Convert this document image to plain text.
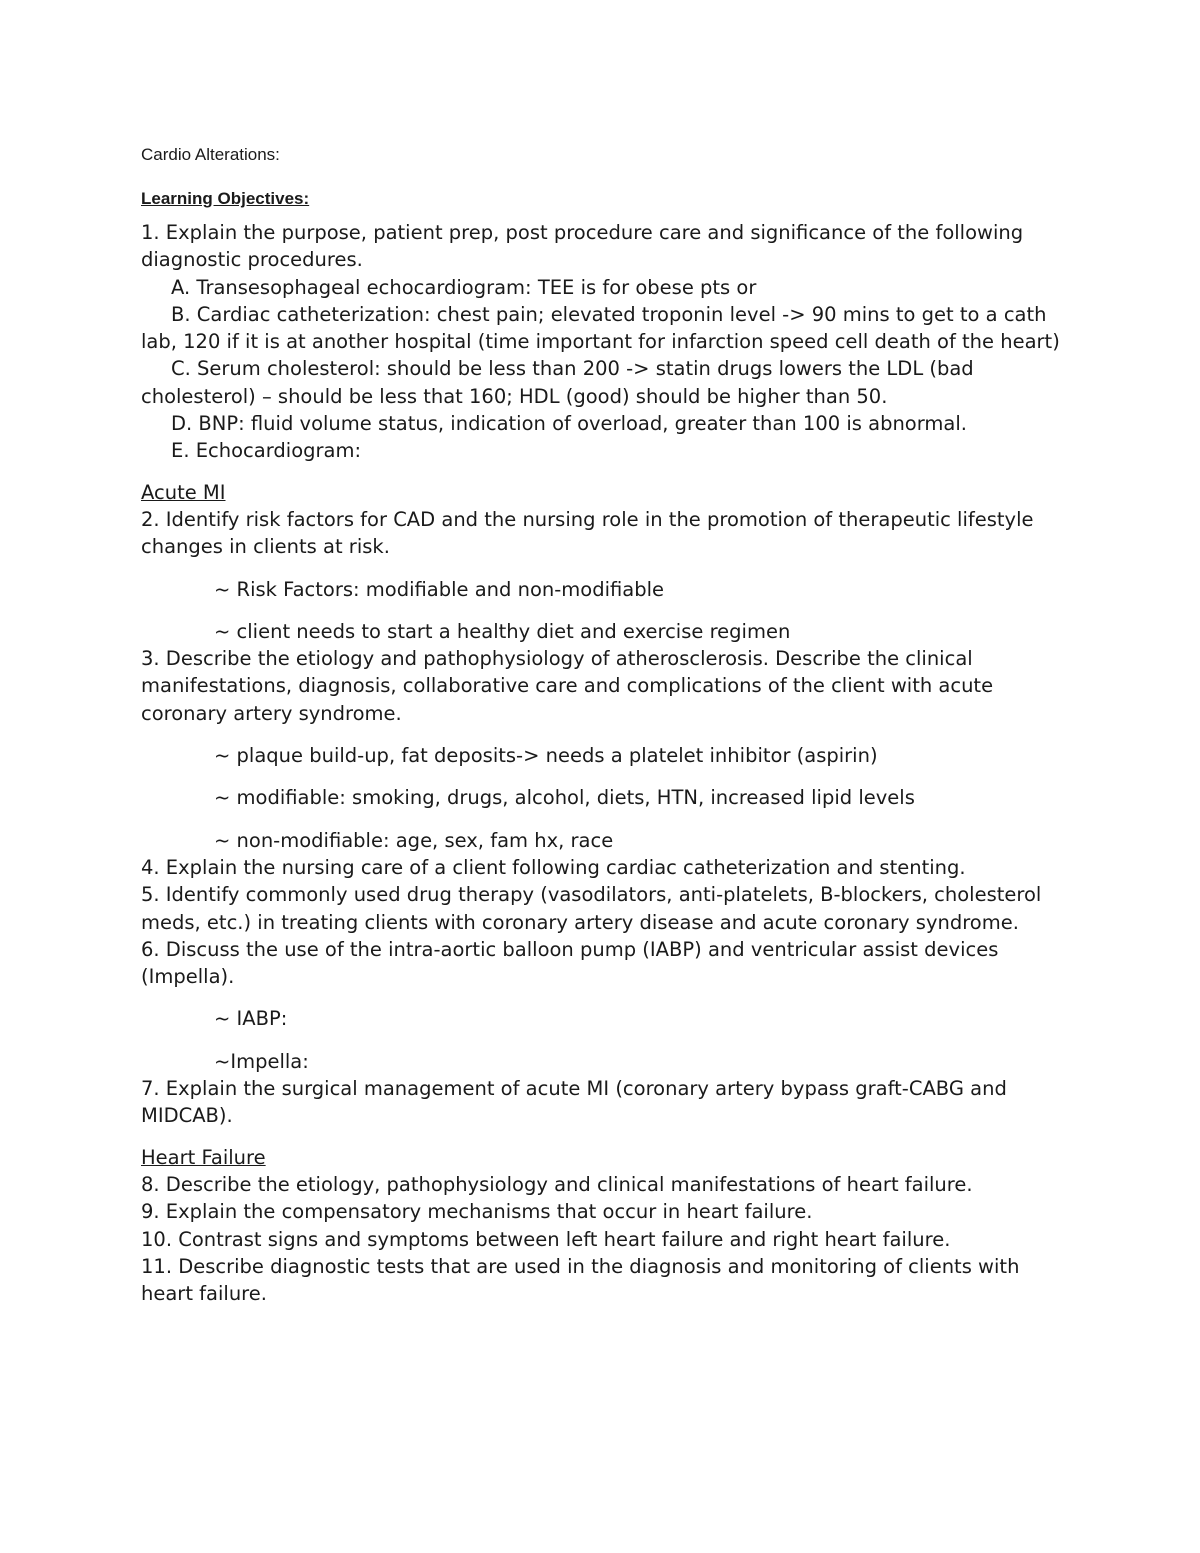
Cardio Alterations:

Learning Objectives:

1. Explain the purpose, patient prep, post procedure care and significance of the following diagnostic procedures.

A. Transesophageal echocardiogram: TEE is for obese pts or

B. Cardiac catheterization: chest pain; elevated troponin level -> 90 mins to get to a cath lab, 120 if it is at another hospital (time important for infarction speed cell death of the heart)

C. Serum cholesterol: should be less than 200 -> statin drugs lowers the LDL (bad cholesterol) – should be less that 160; HDL (good) should be higher than 50.

D. BNP: fluid volume status, indication of overload, greater than 100 is abnormal.

E. Echocardiogram:

Acute MI

2. Identify risk factors for CAD and the nursing role in the promotion of therapeutic lifestyle changes in clients at risk.

~ Risk Factors: modifiable and non-modifiable

~ client needs to start a healthy diet and exercise regimen

3. Describe the etiology and pathophysiology of atherosclerosis. Describe the clinical manifestations, diagnosis, collaborative care and complications of the client with acute coronary artery syndrome.

~ plaque build-up, fat deposits-> needs a platelet inhibitor (aspirin)

~ modifiable: smoking, drugs, alcohol, diets, HTN, increased lipid levels

~ non-modifiable: age, sex, fam hx, race

4. Explain the nursing care of a client following cardiac catheterization and stenting.

5. Identify commonly used drug therapy (vasodilators, anti-platelets, B-blockers, cholesterol meds, etc.) in treating clients with coronary artery disease and acute coronary syndrome.

6. Discuss the use of the intra-aortic balloon pump (IABP) and ventricular assist devices (Impella).

~ IABP:

~Impella:

7. Explain the surgical management of acute MI (coronary artery bypass graft-CABG and MIDCAB).

Heart Failure

8. Describe the etiology, pathophysiology and clinical manifestations of heart failure.

9. Explain the compensatory mechanisms that occur in heart failure.

10. Contrast signs and symptoms between left heart failure and right heart failure.

11. Describe diagnostic tests that are used in the diagnosis and monitoring of clients with heart failure.
